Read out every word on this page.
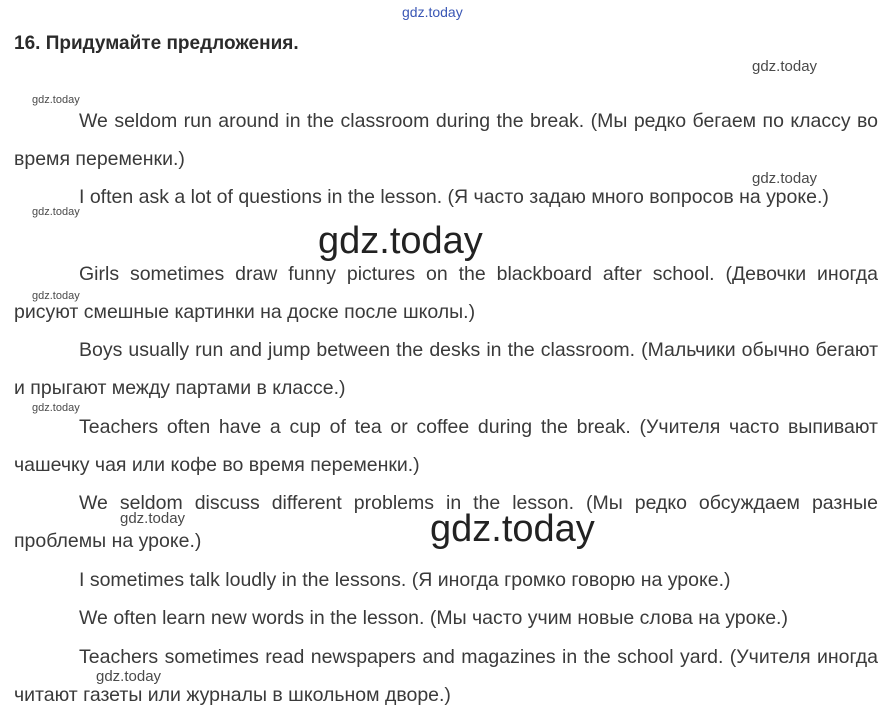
gdz.today
gdz.today
gdz.today
gdz.today
gdz.today
gdz.today
gdz.today
gdz.today
gdz.today	gdz.today
gdz.today
16. Придумайте предложения.
We seldom run around in the classroom during the break. (Мы редко бегаем по классу во время переменки.)
I often ask a lot of questions in the lesson. (Я часто задаю много вопросов на уроке.)
Girls sometimes draw funny pictures on the blackboard after school. (Девочки иногда рисуют смешные картинки на доске после школы.)
Boys usually run and jump between the desks in the classroom. (Мальчики обычно бегают и прыгают между партами в классе.)
Teachers often have a cup of tea or coffee during the break. (Учителя часто выпивают чашечку чая или кофе во время переменки.)
We seldom discuss different problems in the lesson. (Мы редко обсуждаем разные проблемы на уроке.)
I sometimes talk loudly in the lessons. (Я иногда громко говорю на уроке.)
We often learn new words in the lesson. (Мы часто учим новые слова на уроке.)
Teachers sometimes read newspapers and magazines in the school yard. (Учителя иногда читают газеты или журналы в школьном дворе.)
